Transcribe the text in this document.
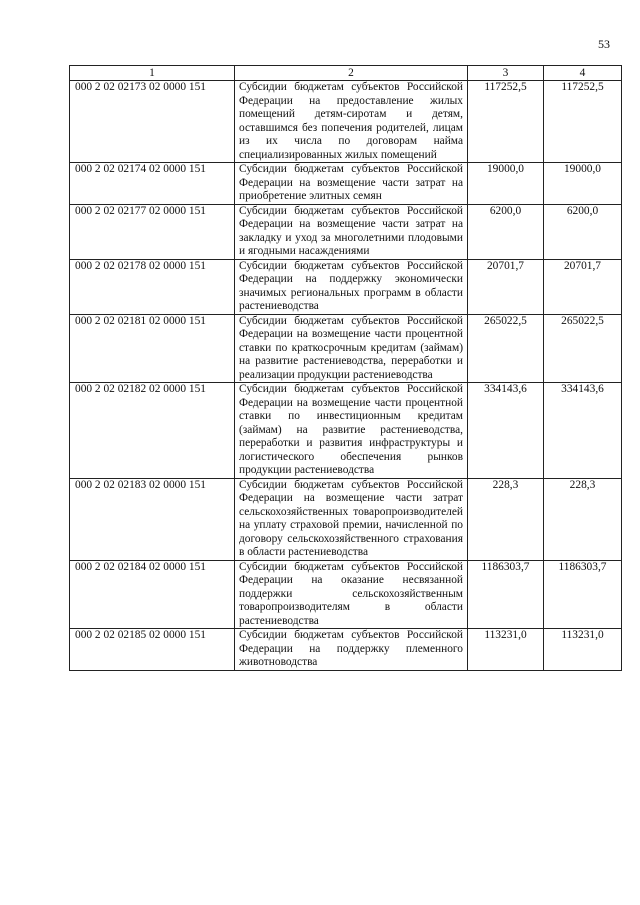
53
1	2	3	4
000 2 02 02173 02 0000 151	Субсидии бюджетам субъектов Российской Федерации на предоставление жилых помещений детям-сиротам и детям, оставшимся без попечения родителей, лицам из их числа по договорам найма специализированных жилых помещений	117252,5	117252,5
000 2 02 02174 02 0000 151	Субсидии бюджетам субъектов Российской Федерации на возмещение части затрат на приобретение элитных семян	19000,0	19000,0
000 2 02 02177 02 0000 151	Субсидии бюджетам субъектов Российской Федерации на возмещение части затрат на закладку и уход за многолетними плодовыми и ягодными насаждениями	6200,0	6200,0
000 2 02 02178 02 0000 151	Субсидии бюджетам субъектов Российской Федерации на поддержку экономически значимых региональных программ в области растениеводства	20701,7	20701,7
000 2 02 02181 02 0000 151	Субсидии бюджетам субъектов Российской Федерации на возмещение части процентной ставки по краткосрочным кредитам (займам) на развитие растениеводства, переработки и реализации продукции растениеводства	265022,5	265022,5
000 2 02 02182 02 0000 151	Субсидии бюджетам субъектов Российской Федерации на возмещение части процентной ставки по инвестиционным кредитам (займам) на развитие растениеводства, переработки и развития инфраструктуры и логистического обеспечения рынков продукции растениеводства	334143,6	334143,6
000 2 02 02183 02 0000 151	Субсидии бюджетам субъектов Российской Федерации на возмещение части затрат сельскохозяйственных товаропроизводителей на уплату страховой премии, начисленной по договору сельскохозяйственного страхования в области растениеводства	228,3	228,3
000 2 02 02184 02 0000 151	Субсидии бюджетам субъектов Российской Федерации на оказание несвязанной поддержки сельскохозяйственным товаропроизводителям в области растениеводства	1186303,7	1186303,7
000 2 02 02185 02 0000 151	Субсидии бюджетам субъектов Российской Федерации на поддержку племенного животноводства	113231,0	113231,0
